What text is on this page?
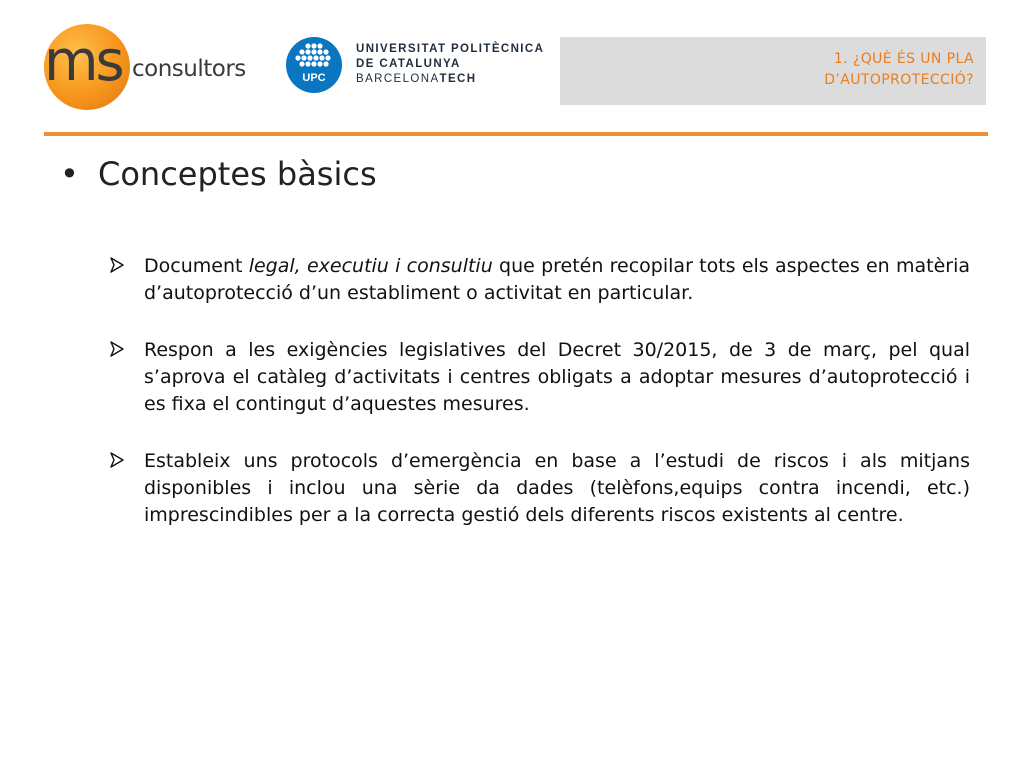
ms consultors	UPC
UNIVERSITAT POLITÈCNICA
DE CATALUNYA
BARCELONATECH
1. ¿QUÈ ÉS UN PLA
D’AUTOPROTECCIÓ?
• Conceptes bàsics
Document legal, executiu i consultiu que pretén recopilar tots els aspectes en matèria d’autoprotecció d’un establiment o activitat en particular.
Respon a les exigències legislatives del Decret 30/2015, de 3 de març, pel qual s’aprova el catàleg d’activitats i centres obligats a adoptar mesures d’autoprotecció i es fixa el contingut d’aquestes mesures.
Estableix uns protocols d’emergència en base a l’estudi de riscos i als mitjans disponibles i inclou una sèrie da dades (telèfons,equips contra incendi, etc.) imprescindibles per a la correcta gestió dels diferents riscos existents al centre.
